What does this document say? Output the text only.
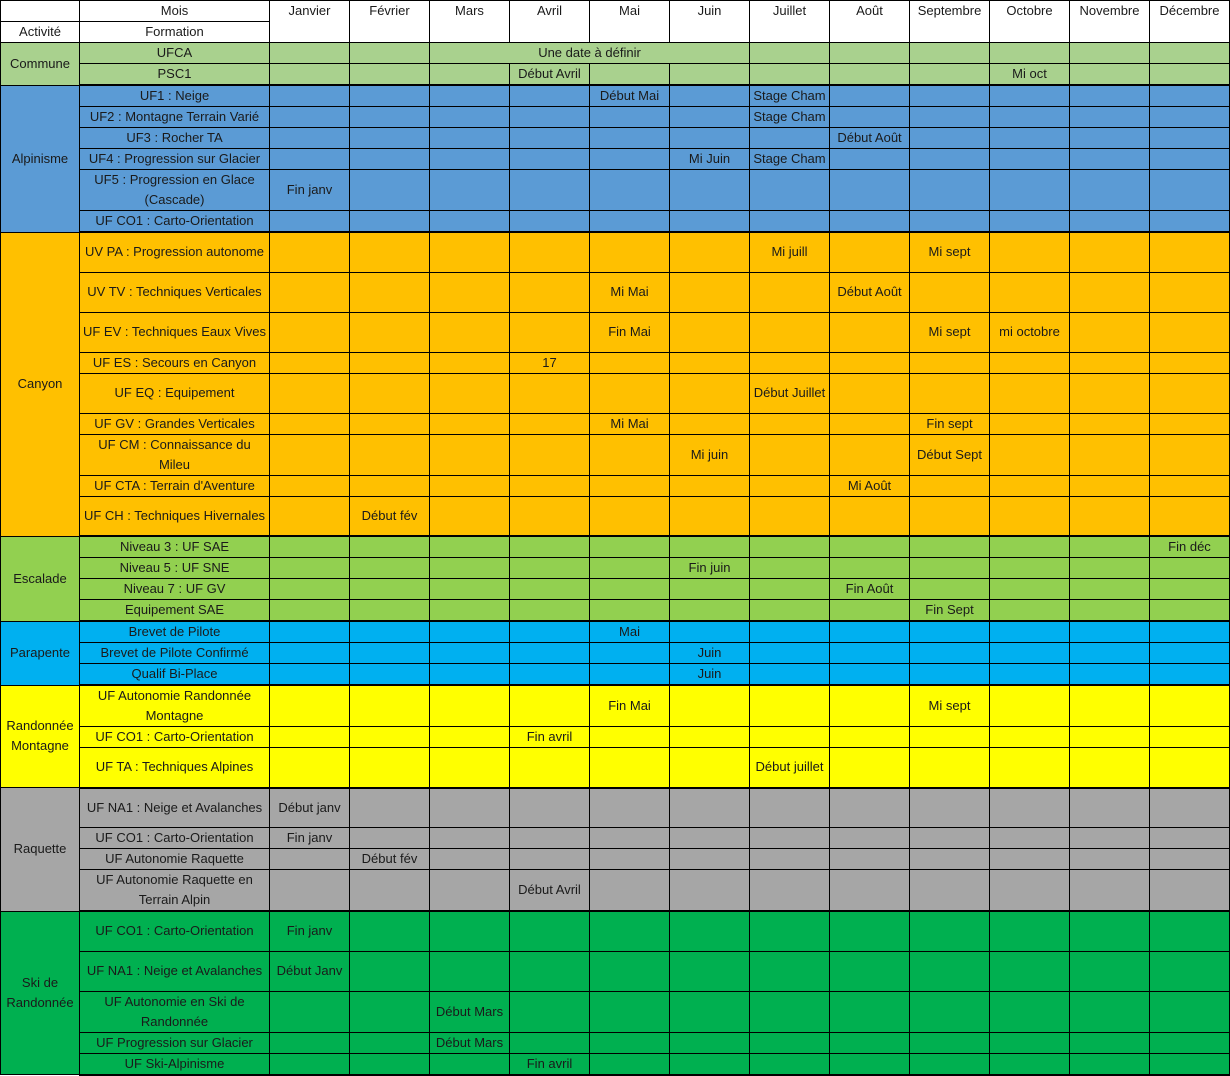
	Mois	Janvier	Février	Mars	Avril	Mai	Juin	Juillet	Août	Septembre	Octobre	Novembre	Décembre
Activité	Formation												
Commune	UFCA			Une date à définir									
	PSC1				Début Avril						Mi oct		
Alpinisme	UF1 : Neige					Début Mai		Stage Cham					
	UF2 : Montagne Terrain Varié							Stage Cham					
	UF3 : Rocher TA								Début Août				
	UF4 : Progression sur Glacier						Mi Juin	Stage Cham					
	UF5 : Progression en Glace (Cascade)	Fin janv											
	UF CO1 : Carto-Orientation												
Canyon	UV PA : Progression autonome							Mi juill		Mi sept			
	UV TV : Techniques Verticales					Mi Mai			Début Août				
	UF EV : Techniques Eaux Vives					Fin Mai				Mi sept	mi octobre		
	UF ES : Secours en Canyon				17								
	UF EQ : Equipement							Début Juillet					
	UF GV : Grandes Verticales					Mi Mai				Fin sept			
	UF CM : Connaissance du Mileu						Mi juin			Début Sept			
	UF CTA : Terrain d'Aventure								Mi Août				
	UF CH : Techniques Hivernales		Début fév										
Escalade	Niveau 3 : UF SAE												Fin déc
	Niveau 5 : UF SNE						Fin juin						
	Niveau 7 : UF GV								Fin Août				
	Equipement SAE									Fin Sept			
Parapente	Brevet de Pilote					Mai							
	Brevet de Pilote Confirmé						Juin						
	Qualif Bi-Place						Juin						
Randonnée Montagne	UF Autonomie Randonnée Montagne					Fin Mai				Mi sept			
	UF CO1 : Carto-Orientation				Fin avril								
	UF TA : Techniques Alpines							Début juillet					
Raquette	UF NA1 : Neige et Avalanches	Début janv											
	UF CO1 : Carto-Orientation	Fin janv											
	UF Autonomie Raquette		Début fév										
	UF Autonomie Raquette en Terrain Alpin				Début Avril								
Ski de Randonnée	UF CO1 : Carto-Orientation	Fin janv											
	UF NA1 : Neige et Avalanches	Début Janv											
	UF Autonomie en Ski de Randonnée			Début Mars									
	UF Progression sur Glacier			Début Mars									
	UF Ski-Alpinisme				Fin avril								
